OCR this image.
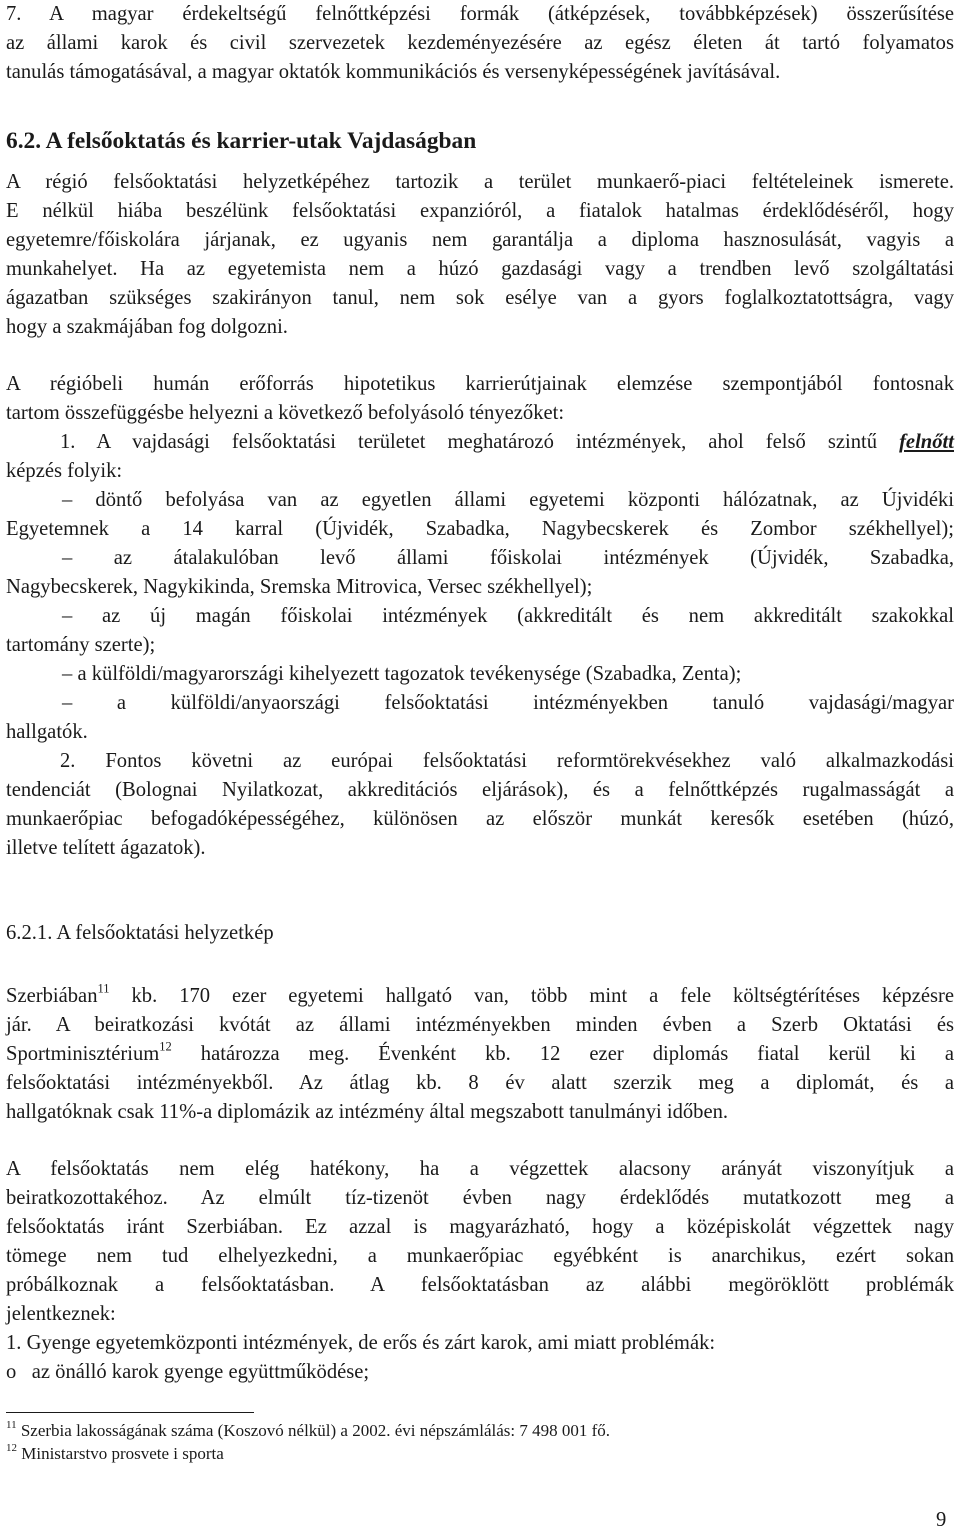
7. A magyar érdekeltségű felnőttképzési formák (átképzések, továbbképzések) összerűsítése

az állami karok és civil szervezetek kezdeményezésére az egész életen át tartó folyamatos

tanulás támogatásával, a magyar oktatók kommunikációs és versenyképességének javításával.

6.2. A felsőoktatás és karrier-utak Vajdaságban

A régió felsőoktatási helyzetképéhez tartozik a terület munkaerő-piaci feltételeinek ismerete.

E nélkül hiába beszélünk felsőoktatási expanzióról, a fiatalok hatalmas érdeklődéséről, hogy

egyetemre/főiskolára járjanak, ez ugyanis nem garantálja a diploma hasznosulását, vagyis a

munkahelyet. Ha az egyetemista nem a húzó gazdasági vagy a trendben levő szolgáltatási

ágazatban szükséges szakirányon tanul, nem sok esélye van a gyors foglalkoztatottságra, vagy

hogy a szakmájában fog dolgozni.

A régióbeli humán erőforrás hipotetikus karrierútjainak elemzése szempontjából fontosnak

tartom összefüggésbe helyezni a következő befolyásoló tényezőket:

1. A vajdasági felsőoktatási területet meghatározó intézmények, ahol felső szintű felnőtt

képzés folyik:

– döntő befolyása van az egyetlen állami egyetemi központi hálózatnak, az Újvidéki

Egyetemnek a 14 karral (Újvidék, Szabadka, Nagybecskerek és Zombor székhellyel);

– az átalakulóban levő állami főiskolai intézmények (Újvidék, Szabadka,

Nagybecskerek, Nagykikinda, Sremska Mitrovica, Versec székhellyel);

– az új magán főiskolai intézmények (akkreditált és nem akkreditált szakokkal

tartomány szerte);

– a külföldi/magyarországi kihelyezett tagozatok tevékenysége (Szabadka, Zenta);

– a külföldi/anyaországi felsőoktatási intézményekben tanuló vajdasági/magyar

hallgatók.

2. Fontos követni az európai felsőoktatási reformtörekvésekhez való alkalmazkodási

tendenciát (Bolognai Nyilatkozat, akkreditációs eljárások), és a felnőttképzés rugalmasságát a

munkaerőpiac befogadóképességéhez, különösen az először munkát keresők esetében (húzó,

illetve telített ágazatok).

6.2.1. A felsőoktatási helyzetkép

Szerbiában$^{11}$ kb. 170 ezer egyetemi hallgató van, több mint a fele költségtérítéses képzésre

jár. A beiratkozási kvótát az állami intézményekben minden évben a Szerb Oktatási és

Sportminisztérium$^{12}$ határozza meg. Évenként kb. 12 ezer diplomás fiatal kerül ki a

felsőoktatási intézményekből. Az átlag kb. 8 év alatt szerzik meg a diplomát, és a

hallgatóknak csak 11%-a diplomázik az intézmény által megszabott tanulmányi időben.

A felsőoktatás nem elég hatékony, ha a végzettek alacsony arányát viszonyítjuk a

beiratkozottakéhoz. Az elmúlt tíz-tizenöt évben nagy érdeklődés mutatkozott meg a

felsőoktatás iránt Szerbiában. Ez azzal is magyarázható, hogy a középiskolát végzettek nagy

tömege nem tud elhelyezkedni, a munkaerőpiac egyébként is anarchikus, ezért sokan

próbálkoznak a felsőoktatásban. A felsőoktatásban az alábbi megöröklött problémák

jelentkeznek:

1. Gyenge egyetemközponti intézmények, de erős és zárt karok, ami miatt problémák:

o   az önálló karok gyenge együttműködése;

$^{11}$ Szerbia lakosságának száma (Koszovó nélkül) a 2002. évi népszámlálás: 7 498 001 fő.

$^{12}$ Ministarstvo prosvete i sporta

9
